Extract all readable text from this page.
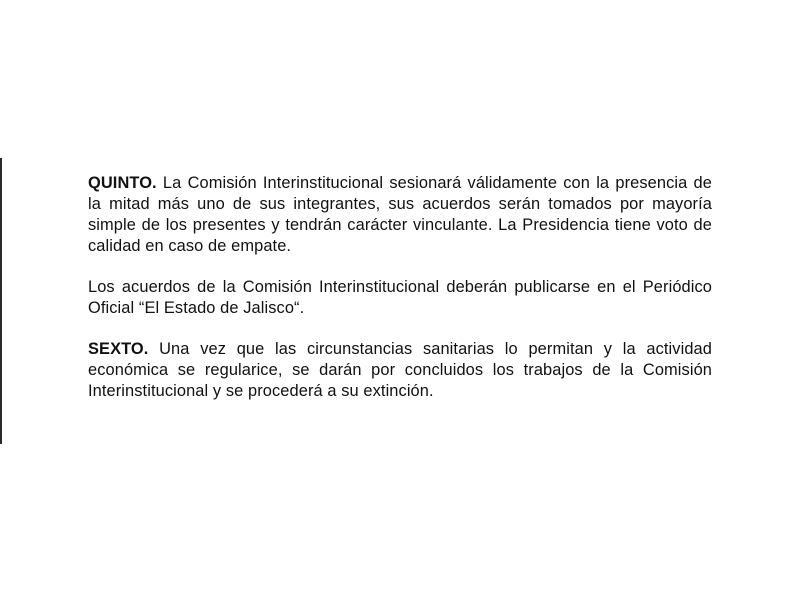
QUINTO. La Comisión Interinstitucional sesionará válidamente con la presencia de la mitad más uno de sus integrantes, sus acuerdos serán tomados por mayoría simple de los presentes y tendrán carácter vinculante. La Presidencia tiene voto de calidad en caso de empate.

Los acuerdos de la Comisión Interinstitucional deberán publicarse en el Periódico Oficial “El Estado de Jalisco“.

SEXTO. Una vez que las circunstancias sanitarias lo permitan y la actividad económica se regularice, se darán por concluidos los trabajos de la Comisión Interinstitucional y se procederá a su extinción.
